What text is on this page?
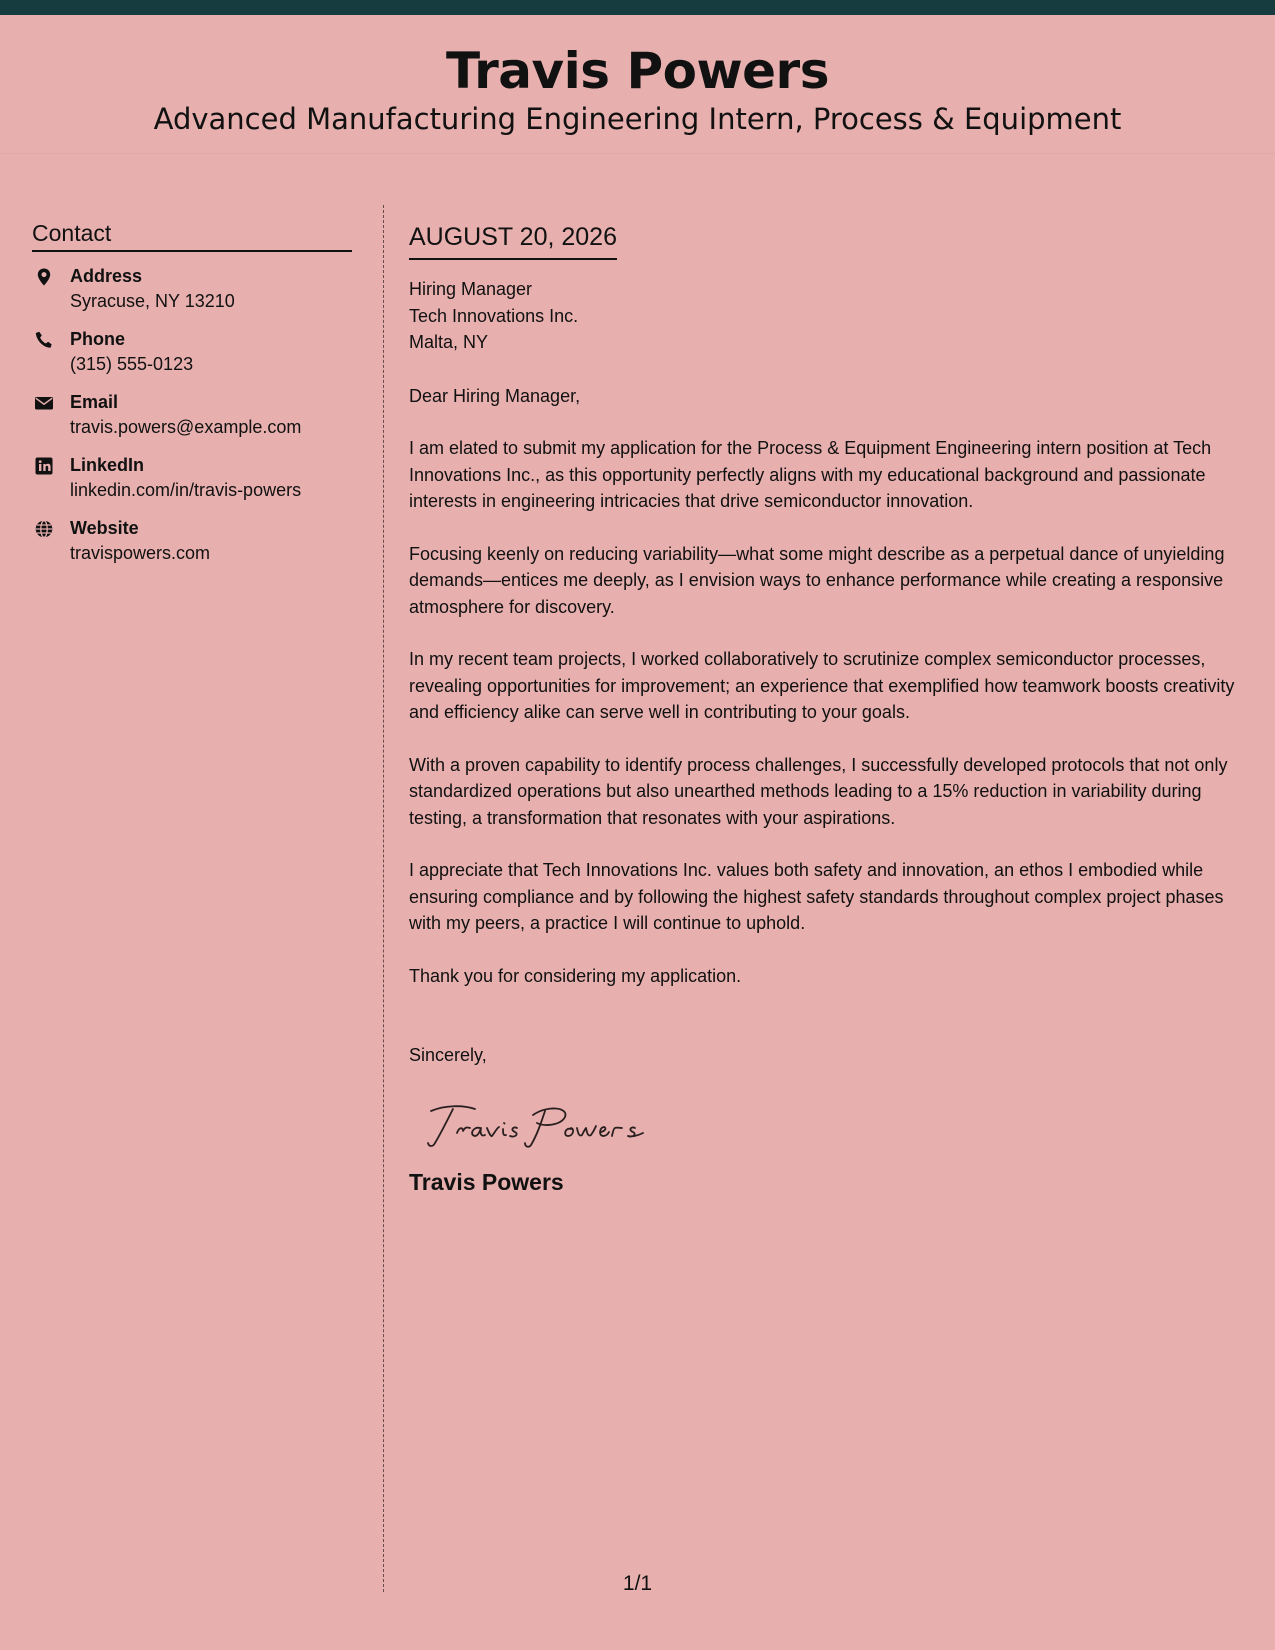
Travis Powers
Advanced Manufacturing Engineering Intern, Process & Equipment
Contact
Address
Syracuse, NY 13210
Phone
(315) 555-0123
Email
travis.powers@example.com
LinkedIn
linkedin.com/in/travis-powers
Website
travispowers.com
AUGUST 20, 2026
Hiring Manager
Tech Innovations Inc.
Malta, NY
Dear Hiring Manager,
I am elated to submit my application for the Process & Equipment Engineering intern position at Tech Innovations Inc., as this opportunity perfectly aligns with my educational background and passionate interests in engineering intricacies that drive semiconductor innovation.
Focusing keenly on reducing variability—what some might describe as a perpetual dance of unyielding demands—entices me deeply, as I envision ways to enhance performance while creating a responsive atmosphere for discovery.
In my recent team projects, I worked collaboratively to scrutinize complex semiconductor processes, revealing opportunities for improvement; an experience that exemplified how teamwork boosts creativity and efficiency alike can serve well in contributing to your goals.
With a proven capability to identify process challenges, I successfully developed protocols that not only standardized operations but also unearthed methods leading to a 15% reduction in variability during testing, a transformation that resonates with your aspirations.
I appreciate that Tech Innovations Inc. values both safety and innovation, an ethos I embodied while ensuring compliance and by following the highest safety standards throughout complex project phases with my peers, a practice I will continue to uphold.
Thank you for considering my application.
Sincerely,
Travis Powers
1/1
